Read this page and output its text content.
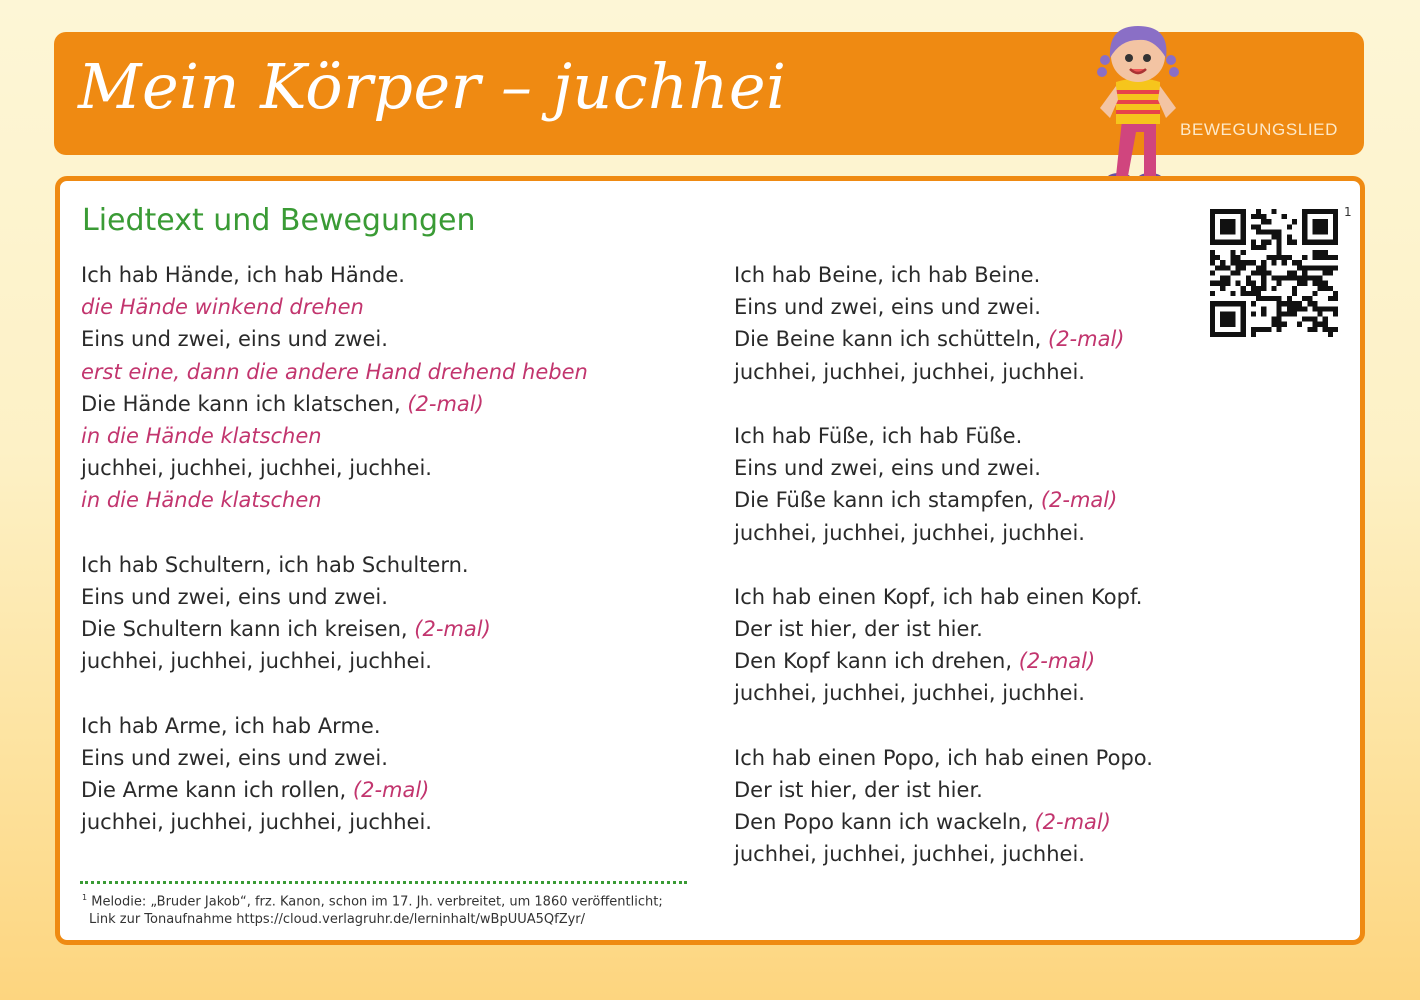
Mein Körper – juchhei
BEWEGUNGSLIED
Liedtext und Bewegungen
Ich hab Hände, ich hab Hände.
die Hände winkend drehen
Eins und zwei, eins und zwei.
erst eine, dann die andere Hand drehend heben
Die Hände kann ich klatschen, (2-mal)
in die Hände klatschen
juchhei, juchhei, juchhei, juchhei.
in die Hände klatschen
Ich hab Schultern, ich hab Schultern.
Eins und zwei, eins und zwei.
Die Schultern kann ich kreisen, (2-mal)
juchhei, juchhei, juchhei, juchhei.
Ich hab Arme, ich hab Arme.
Eins und zwei, eins und zwei.
Die Arme kann ich rollen, (2-mal)
juchhei, juchhei, juchhei, juchhei.
Ich hab Beine, ich hab Beine.
Eins und zwei, eins und zwei.
Die Beine kann ich schütteln, (2-mal)
juchhei, juchhei, juchhei, juchhei.
Ich hab Füße, ich hab Füße.
Eins und zwei, eins und zwei.
Die Füße kann ich stampfen, (2-mal)
juchhei, juchhei, juchhei, juchhei.
Ich hab einen Kopf, ich hab einen Kopf.
Der ist hier, der ist hier.
Den Kopf kann ich drehen, (2-mal)
juchhei, juchhei, juchhei, juchhei.
Ich hab einen Popo, ich hab einen Popo.
Der ist hier, der ist hier.
Den Popo kann ich wackeln, (2-mal)
juchhei, juchhei, juchhei, juchhei.
1
$^1$ Melodie: „Bruder Jakob“, frz. Kanon, schon im 17. Jh. verbreitet, um 1860 veröffentlicht;
Link zur Tonaufnahme https://cloud.verlagruhr.de/lerninhalt/wBpUUA5QfZyr/
